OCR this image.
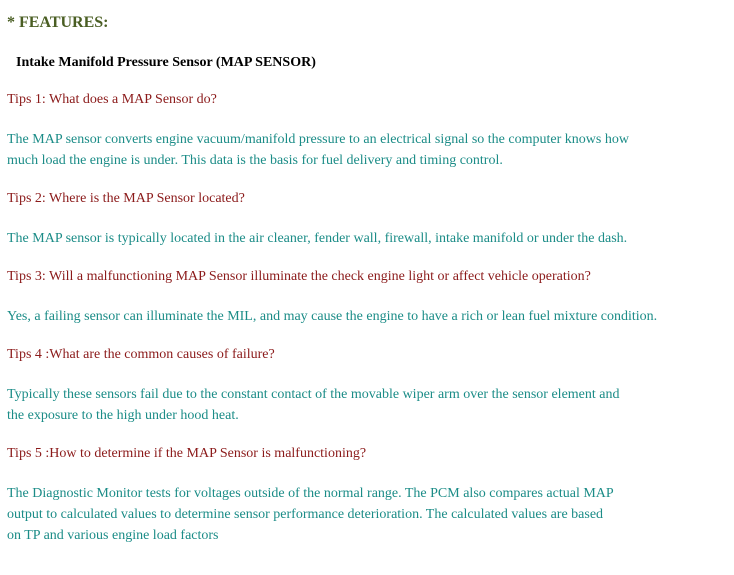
* FEATURES:
Intake Manifold Pressure Sensor (MAP SENSOR)

Tips 1: What does a MAP Sensor do?

The MAP sensor converts engine vacuum/manifold pressure to an electrical signal so the computer knows how
much load the engine is under. This data is the basis for fuel delivery and timing control.

Tips 2: Where is the MAP Sensor located?

The MAP sensor is typically located in the air cleaner, fender wall, firewall, intake manifold or under the dash.

Tips 3: Will a malfunctioning MAP Sensor illuminate the check engine light or affect vehicle operation?

Yes, a failing sensor can illuminate the MIL, and may cause the engine to have a rich or lean fuel mixture condition.

Tips 4 :What are the common causes of failure?

Typically these sensors fail due to the constant contact of the movable wiper arm over the sensor element and
the exposure to the high under hood heat.

Tips 5 :How to determine if the MAP Sensor is malfunctioning?

The Diagnostic Monitor tests for voltages outside of the normal range. The PCM also compares actual MAP
output to calculated values to determine sensor performance deterioration. The calculated values are based
on TP and various engine load factors
